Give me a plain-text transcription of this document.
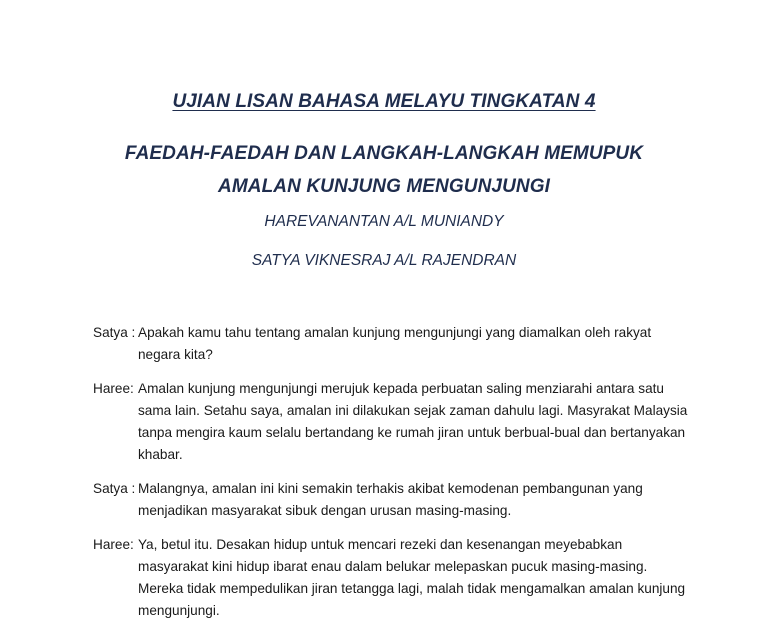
UJIAN LISAN BAHASA MELAYU TINGKATAN 4
FAEDAH-FAEDAH DAN LANGKAH-LANGKAH MEMUPUK
AMALAN KUNJUNG MENGUNJUNGI
HAREVANANTAN A/L MUNIANDY
SATYA VIKNESRAJ A/L RAJENDRAN
Satya : Apakah kamu tahu tentang amalan kunjung mengunjungi yang diamalkan oleh rakyat negara kita?
Haree: Amalan kunjung mengunjungi merujuk kepada perbuatan saling menziarahi antara satu sama lain. Setahu saya, amalan ini dilakukan sejak zaman dahulu lagi. Masyrakat Malaysia tanpa mengira kaum selalu bertandang ke rumah jiran untuk berbual-bual dan bertanyakan khabar.
Satya : Malangnya, amalan ini kini semakin terhakis akibat kemodenan pembangunan yang menjadikan masyarakat sibuk dengan urusan masing-masing.
Haree: Ya, betul itu. Desakan hidup untuk mencari rezeki dan kesenangan meyebabkan masyarakat kini hidup ibarat enau dalam belukar melepaskan pucuk masing-masing. Mereka tidak mempedulikan jiran tetangga lagi, malah tidak mengamalkan amalan kunjung mengunjungi.
